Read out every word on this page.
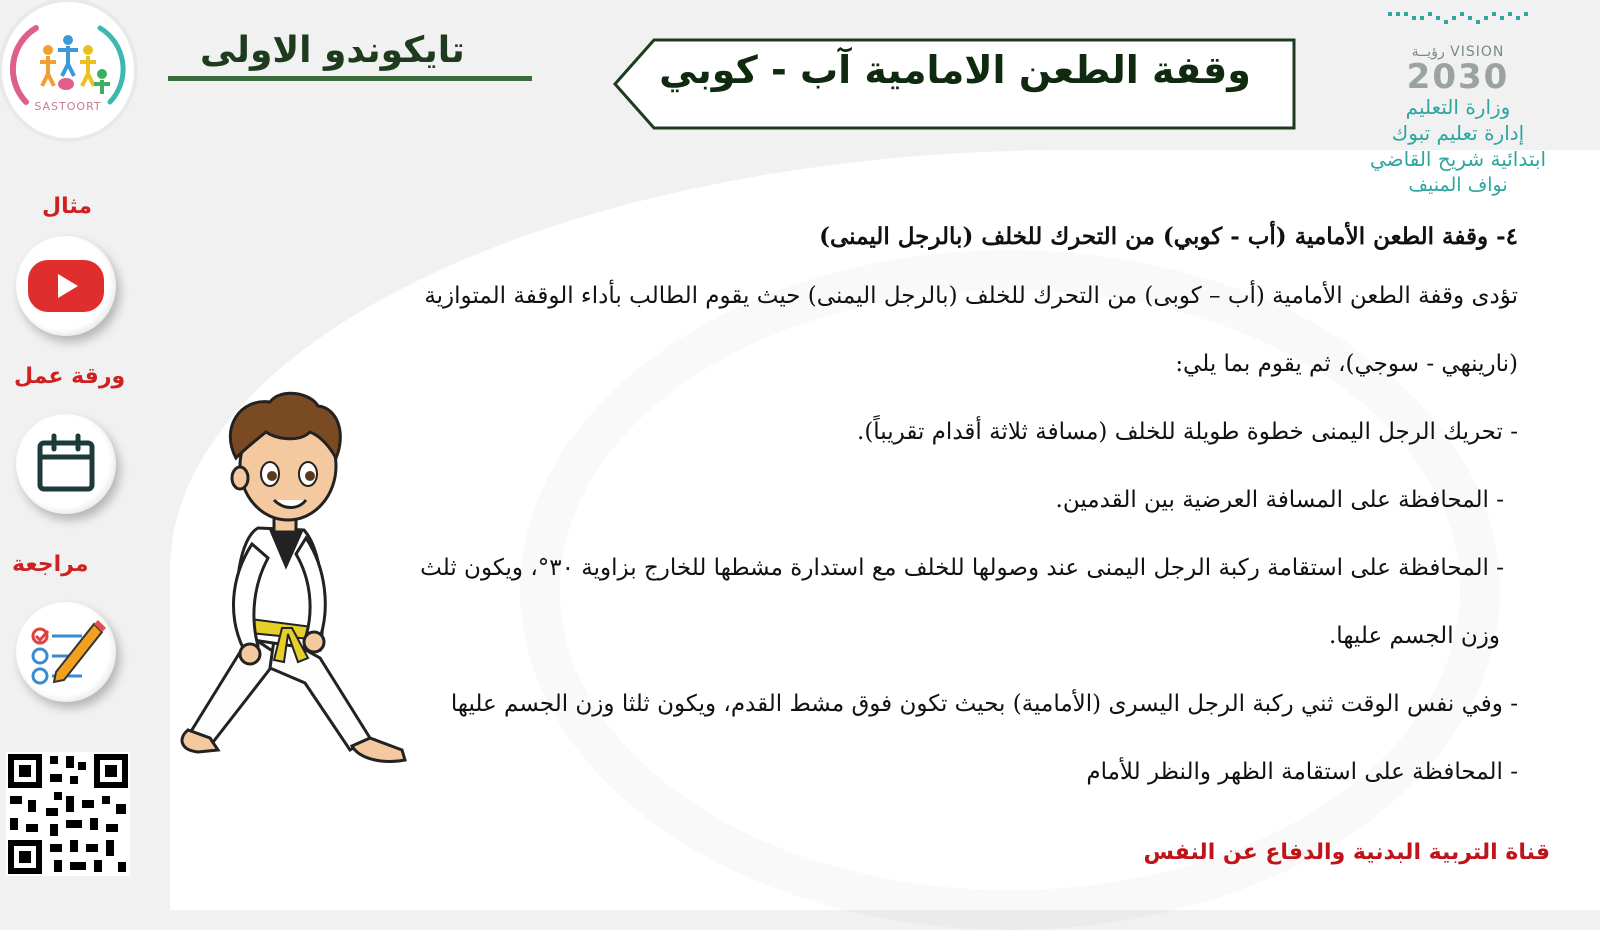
SASTOORT
مثال
ورقة عمل
مراجعة
تايكوندو الاولى	وقفة الطعن الامامية آب - كوبي	VISION رؤيــة
2030
وزارة التعليم
إدارة تعليم تبوك
ابتدائية شريح القاضي
نواف المنيف
٤- وقفة الطعن الأمامية (أب - كوبي) من التحرك للخلف (بالرجل اليمنى)
تؤدى وقفة الطعن الأمامية (أب – كوبى) من التحرك للخلف (بالرجل اليمنى) حيث يقوم الطالب بأداء الوقفة المتوازية
(نارينهي - سوجي)، ثم يقوم بما يلي:
- تحريك الرجل اليمنى خطوة طويلة للخلف (مسافة ثلاثة أقدام تقريباً).
- المحافظة على المسافة العرضية بين القدمين.
- المحافظة على استقامة ركبة الرجل اليمنى عند وصولها للخلف مع استدارة مشطها للخارج بزاوية ٣٠°، ويكون ثلث
وزن الجسم عليها.
- وفي نفس الوقت ثني ركبة الرجل اليسرى (الأمامية) بحيث تكون فوق مشط القدم، ويكون ثلثا وزن الجسم عليها
- المحافظة على استقامة الظهر والنظر للأمام
قناة التربية البدنية والدفاع عن النفس
